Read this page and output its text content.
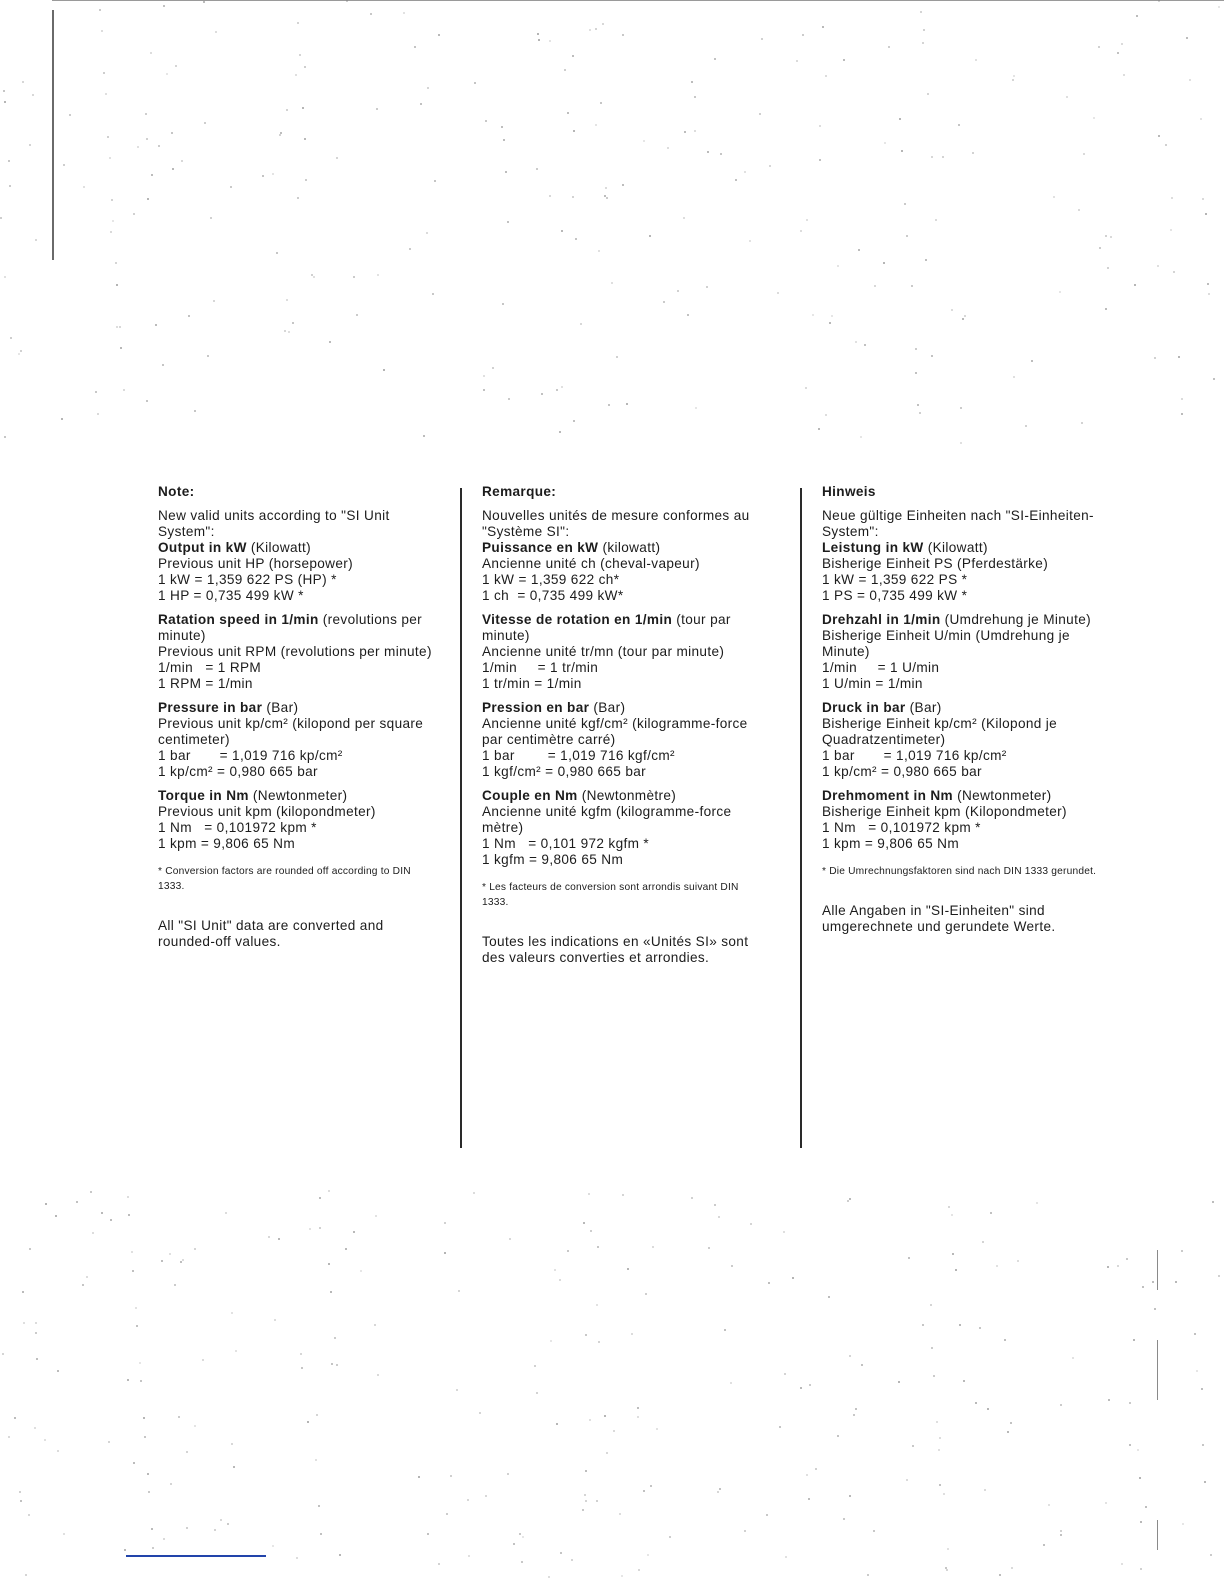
Note:

New valid units according to "SI Unit System":

Output in kW (Kilowatt)

Previous unit HP (horsepower)

1 kW = 1,359 622 PS (HP) *

1 HP = 0,735 499 kW *

Ratation speed in 1/min (revolutions per minute)

Previous unit RPM (revolutions per minute)

1/min   = 1 RPM

1 RPM = 1/min

Pressure in bar (Bar)

Previous unit kp/cm² (kilopond per square centimeter)

1 bar       = 1,019 716 kp/cm²

1 kp/cm² = 0,980 665 bar

Torque in Nm (Newtonmeter)

Previous unit kpm (kilopondmeter)

1 Nm   = 0,101972 kpm *

1 kpm = 9,806 65 Nm

* Conversion factors are rounded off according to DIN 1333.

All "SI Unit" data are converted and rounded-off values.

Remarque:

Nouvelles unités de mesure conformes au "Système SI":

Puissance en kW (kilowatt)

Ancienne unité ch (cheval-vapeur)

1 kW = 1,359 622 ch*

1 ch  = 0,735 499 kW*

Vitesse de rotation en 1/min (tour par minute)

Ancienne unité tr/mn (tour par minute)

1/min     = 1 tr/min

1 tr/min = 1/min

Pression en bar (Bar)

Ancienne unité kgf/cm² (kilogramme-force par centimètre carré)

1 bar        = 1,019 716 kgf/cm²

1 kgf/cm² = 0,980 665 bar

Couple en Nm (Newtonmètre)

Ancienne unité kgfm (kilogramme-force mètre)

1 Nm   = 0,101 972 kgfm *

1 kgfm = 9,806 65 Nm

* Les facteurs de conversion sont arrondis suivant DIN 1333.

Toutes les indications en «Unités SI» sont des valeurs converties et arrondies.

Hinweis

Neue gültige Einheiten nach "SI-Einheiten-System":

Leistung in kW (Kilowatt)

Bisherige Einheit PS (Pferdestärke)

1 kW = 1,359 622 PS *

1 PS = 0,735 499 kW *

Drehzahl in 1/min (Umdrehung je Minute)

Bisherige Einheit U/min (Umdrehung je Minute)

1/min     = 1 U/min

1 U/min = 1/min

Druck in bar (Bar)

Bisherige Einheit kp/cm² (Kilopond je Quadratzentimeter)

1 bar       = 1,019 716 kp/cm²

1 kp/cm² = 0,980 665 bar

Drehmoment in Nm (Newtonmeter)

Bisherige Einheit kpm (Kilopondmeter)

1 Nm   = 0,101972 kpm *

1 kpm = 9,806 65 Nm

* Die Umrechnungsfaktoren sind nach DIN 1333 gerundet.

Alle Angaben in "SI-Einheiten" sind umgerechnete und gerundete Werte.
